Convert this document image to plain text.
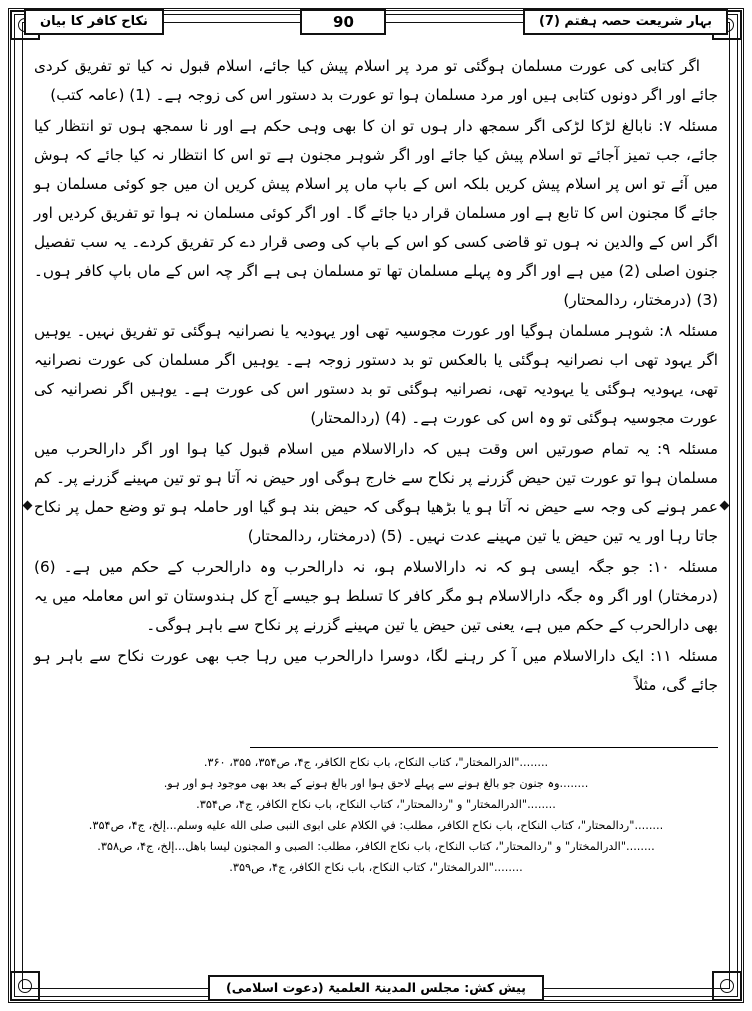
بہار شریعت حصہ ہفتم (7)
90
نکاح کافر کا بیان

اگر کتابی کی عورت مسلمان ہوگئی تو مرد پر اسلام پیش کیا جائے، اسلام قبول نہ کیا تو تفریق کردی جائے اور اگر دونوں کتابی ہیں اور مرد مسلمان ہوا تو عورت بد دستور اس کی زوجہ ہے۔ (1) (عامہ کتب)

مسئلہ ۷: نابالغ لڑکا لڑکی اگر سمجھ دار ہوں تو ان کا بھی وہی حکم ہے اور نا سمجھ ہوں تو انتظار کیا جائے، جب تمیز آجائے تو اسلام پیش کیا جائے اور اگر شوہر مجنون ہے تو اس کا انتظار نہ کیا جائے کہ ہوش میں آئے تو اس پر اسلام پیش کریں بلکہ اس کے باپ ماں پر اسلام پیش کریں ان میں جو کوئی مسلمان ہو جائے گا مجنون اس کا تابع ہے اور مسلمان قرار دیا جائے گا۔ اور اگر کوئی مسلمان نہ ہوا تو تفریق کردیں اور اگر اس کے والدین نہ ہوں تو قاضی کسی کو اس کے باپ کی وصی قرار دے کر تفریق کردے۔ یہ سب تفصیل جنون اصلی (2) میں ہے اور اگر وہ پہلے مسلمان تھا تو مسلمان ہی ہے اگر چہ اس کے ماں باپ کافر ہوں۔ (3) (درمختار، ردالمحتار)

مسئلہ ۸: شوہر مسلمان ہوگیا اور عورت مجوسیہ تھی اور یہودیہ یا نصرانیہ ہوگئی تو تفریق نہیں۔ یوہیں اگر یہود تھی اب نصرانیہ ہوگئی یا بالعکس تو بد دستور زوجہ ہے۔ یوہیں اگر مسلمان کی عورت نصرانیہ تھی، یہودیہ ہوگئی یا یہودیہ تھی، نصرانیہ ہوگئی تو بد دستور اس کی عورت ہے۔ یوہیں اگر نصرانیہ کی عورت مجوسیہ ہوگئی تو وہ اس کی عورت ہے۔ (4) (ردالمحتار)

مسئلہ ۹: یہ تمام صورتیں اس وقت ہیں کہ دارالاسلام میں اسلام قبول کیا ہوا اور اگر دارالحرب میں مسلمان ہوا تو عورت تین حیض گزرنے پر نکاح سے خارج ہوگی اور حیض نہ آتا ہو تو تین مہینے گزرنے پر۔ کم عمر ہونے کی وجہ سے حیض نہ آتا ہو یا بڑھیا ہوگی کہ حیض بند ہو گیا اور حاملہ ہو تو وضع حمل پر نکاح جاتا رہا اور یہ تین حیض یا تین مہینے عدت نہیں۔ (5) (درمختار، ردالمحتار)

مسئلہ ۱۰: جو جگہ ایسی ہو کہ نہ دارالاسلام ہو، نہ دارالحرب وہ دارالحرب کے حکم میں ہے۔ (6) (درمختار) اور اگر وہ جگہ دارالاسلام ہو مگر کافر کا تسلط ہو جیسے آج کل ہندوستان تو اس معاملہ میں یہ بھی دارالحرب کے حکم میں ہے، یعنی تین حیض یا تین مہینے گزرنے پر نکاح سے باہر ہوگی۔

مسئلہ ۱۱: ایک دارالاسلام میں آ کر رہنے لگا، دوسرا دارالحرب میں رہا جب بھی عورت نکاح سے باہر ہو جائے گی، مثلاً

........"الدرالمختار"، کتاب النکاح، باب نکاح الکافر، ج۴، ص۳۵۴، ۳۵۵، ۳۶۰.

........وہ جنون جو بالغ ہونے سے پہلے لاحق ہوا اور بالغ ہونے کے بعد بھی موجود ہو اور ہو.

........"الدرالمختار" و "ردالمحتار"، کتاب النکاح، باب نکاح الکافر، ج۴، ص۳۵۴.

........"ردالمحتار"، کتاب النکاح، باب نکاح الکافر، مطلب: في الکلام علی ابوی النبی صلی الله علیه وسلم...إلخ، ج۴، ص۳۵۴.

........"الدرالمختار" و "ردالمحتار"، کتاب النکاح، باب نکاح الکافر، مطلب: الصبی و المجنون لیسا باهل...إلخ، ج۴، ص۳۵۸.

........"الدرالمختار"، کتاب النکاح، باب نکاح الکافر، ج۴، ص۳۵۹.

پیش کش: مجلس المدینۃ العلمیۃ (دعوت اسلامی)
